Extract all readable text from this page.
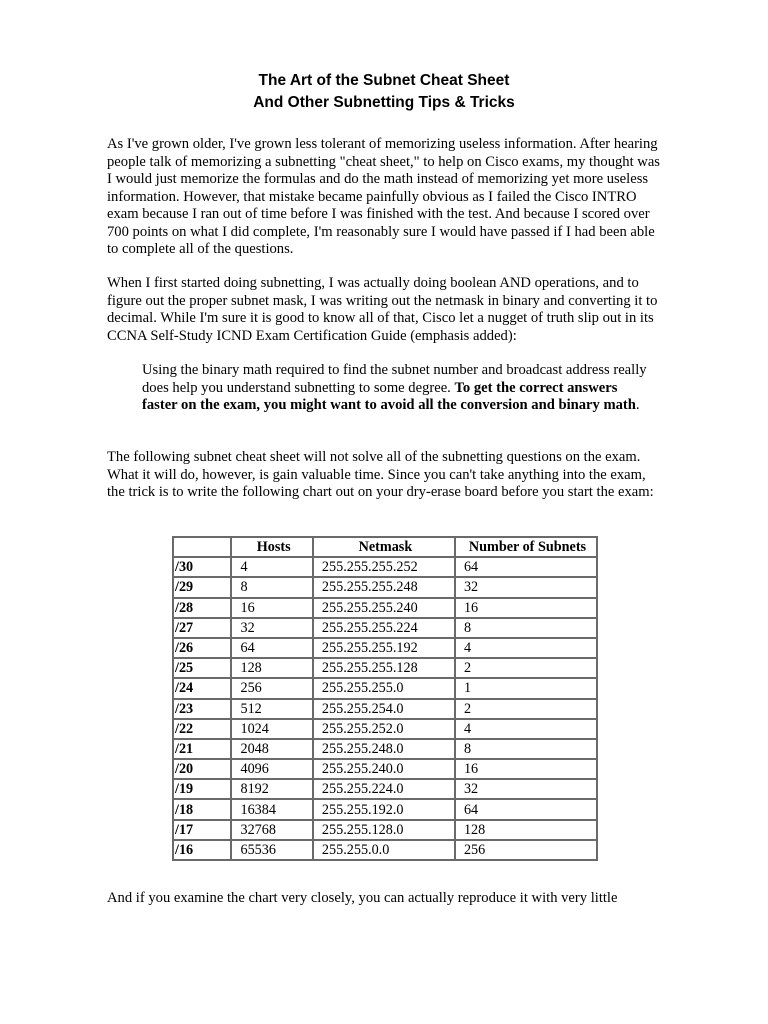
The Art of the Subnet Cheat Sheet
And Other Subnetting Tips & Tricks

As I've grown older, I've grown less tolerant of memorizing useless information. After hearing people talk of memorizing a subnetting "cheat sheet," to help on Cisco exams, my thought was I would just memorize the formulas and do the math instead of memorizing yet more useless information. However, that mistake became painfully obvious as I failed the Cisco INTRO exam because I ran out of time before I was finished with the test. And because I scored over 700 points on what I did complete, I'm reasonably sure I would have passed if I had been able to complete all of the questions.

When I first started doing subnetting, I was actually doing boolean AND operations, and to figure out the proper subnet mask, I was writing out the netmask in binary and converting it to decimal. While I'm sure it is good to know all of that, Cisco let a nugget of truth slip out in its CCNA Self-Study ICND Exam Certification Guide (emphasis added):

Using the binary math required to find the subnet number and broadcast address really does help you understand subnetting to some degree. To get the correct answers faster on the exam, you might want to avoid all the conversion and binary math.

The following subnet cheat sheet will not solve all of the subnetting questions on the exam. What it will do, however, is gain valuable time. Since you can't take anything into the exam, the trick is to write the following chart out on your dry-erase board before you start the exam:

	Hosts	Netmask	Number of Subnets
/30	4	255.255.255.252	64
/29	8	255.255.255.248	32
/28	16	255.255.255.240	16
/27	32	255.255.255.224	8
/26	64	255.255.255.192	4
/25	128	255.255.255.128	2
/24	256	255.255.255.0	1
/23	512	255.255.254.0	2
/22	1024	255.255.252.0	4
/21	2048	255.255.248.0	8
/20	4096	255.255.240.0	16
/19	8192	255.255.224.0	32
/18	16384	255.255.192.0	64
/17	32768	255.255.128.0	128
/16	65536	255.255.0.0	256

And if you examine the chart very closely, you can actually reproduce it with very little
